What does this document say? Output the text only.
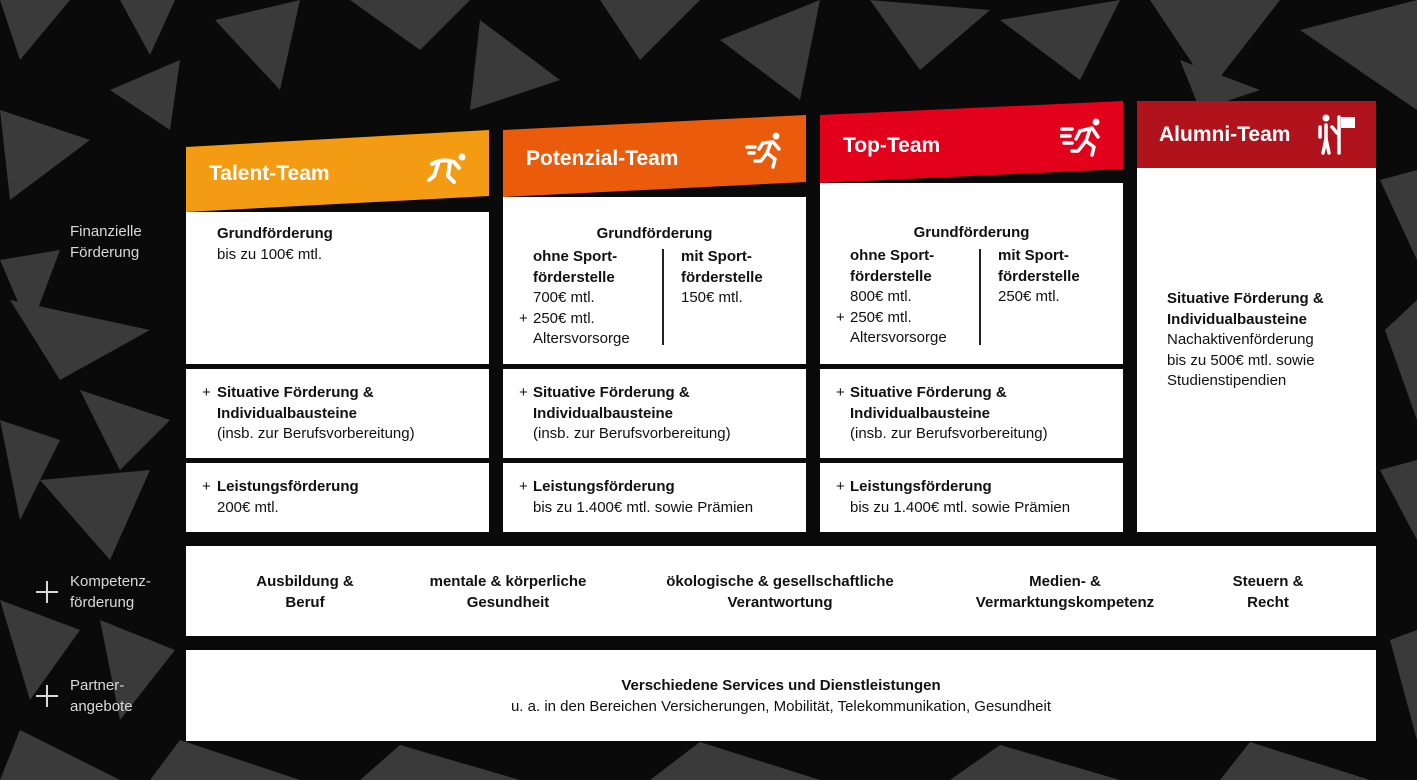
Finanzielle
Förderung
Kompetenz-
förderung
Partner-
angebote
Talent-Team
Grundförderung
bis zu 100€ mtl.
+ Situative Förderung &
Individualbausteine
(insb. zur Berufsvorbereitung)
+ Leistungsförderung
200€ mtl.
Potenzial-Team
Grundförderung
ohne Sport-
förderstelle
700€ mtl.
+ 250€ mtl.
Altersvorsorge
mit Sport-
förderstelle
150€ mtl.
+ Situative Förderung &
Individualbausteine
(insb. zur Berufsvorbereitung)
+ Leistungsförderung
bis zu 1.400€ mtl. sowie Prämien
Top-Team
Grundförderung
ohne Sport-
förderstelle
800€ mtl.
+ 250€ mtl.
Altersvorsorge
mit Sport-
förderstelle
250€ mtl.
+ Situative Förderung &
Individualbausteine
(insb. zur Berufsvorbereitung)
+ Leistungsförderung
bis zu 1.400€ mtl. sowie Prämien
Alumni-Team
Situative Förderung &
Individualbausteine
Nachaktivenförderung
bis zu 500€ mtl. sowie
Studienstipendien
Ausbildung &
Beruf
mentale & körperliche
Gesundheit
ökologische & gesellschaftliche
Verantwortung
Medien- &
Vermarktungskompetenz
Steuern &
Recht
Verschiedene Services und Dienstleistungen
u. a. in den Bereichen Versicherungen, Mobilität, Telekommunikation, Gesundheit
